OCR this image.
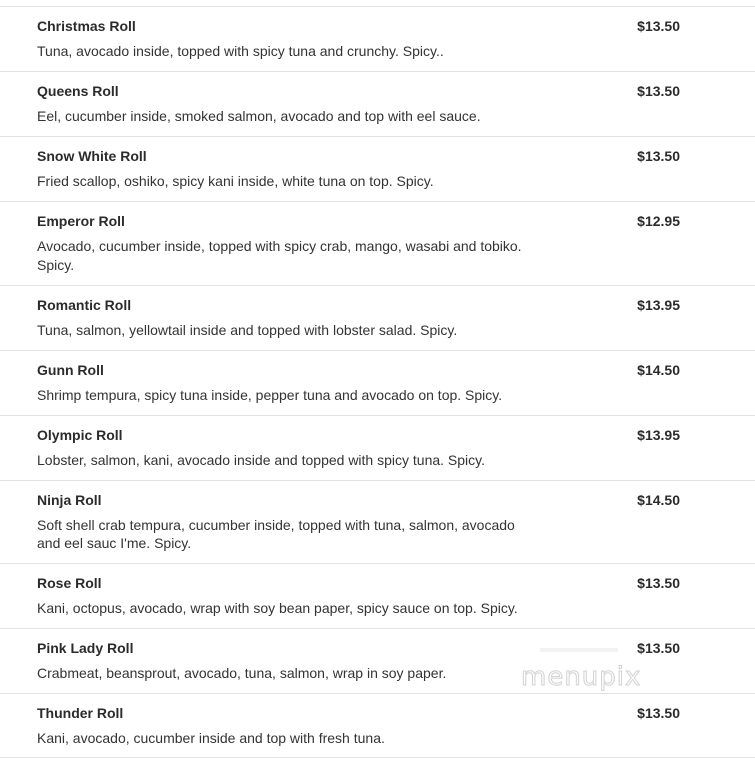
Christmas Roll	$13.50
Tuna, avocado inside, topped with spicy tuna and crunchy. Spicy..
Queens Roll	$13.50
Eel, cucumber inside, smoked salmon, avocado and top with eel sauce.
Snow White Roll	$13.50
Fried scallop, oshiko, spicy kani inside, white tuna on top. Spicy.
Emperor Roll	$12.95
Avocado, cucumber inside, topped with spicy crab, mango, wasabi and tobiko. Spicy.
Romantic Roll	$13.95
Tuna, salmon, yellowtail inside and topped with lobster salad. Spicy.
Gunn Roll	$14.50
Shrimp tempura, spicy tuna inside, pepper tuna and avocado on top. Spicy.
Olympic Roll	$13.95
Lobster, salmon, kani, avocado inside and topped with spicy tuna. Spicy.
Ninja Roll	$14.50
Soft shell crab tempura, cucumber inside, topped with tuna, salmon, avocado and eel sauc I'me. Spicy.
Rose Roll	$13.50
Kani, octopus, avocado, wrap with soy bean paper, spicy sauce on top. Spicy.
Pink Lady Roll	$13.50
Crabmeat, beansprout, avocado, tuna, salmon, wrap in soy paper.
Thunder Roll	$13.50
Kani, avocado, cucumber inside and top with fresh tuna.
menupix
